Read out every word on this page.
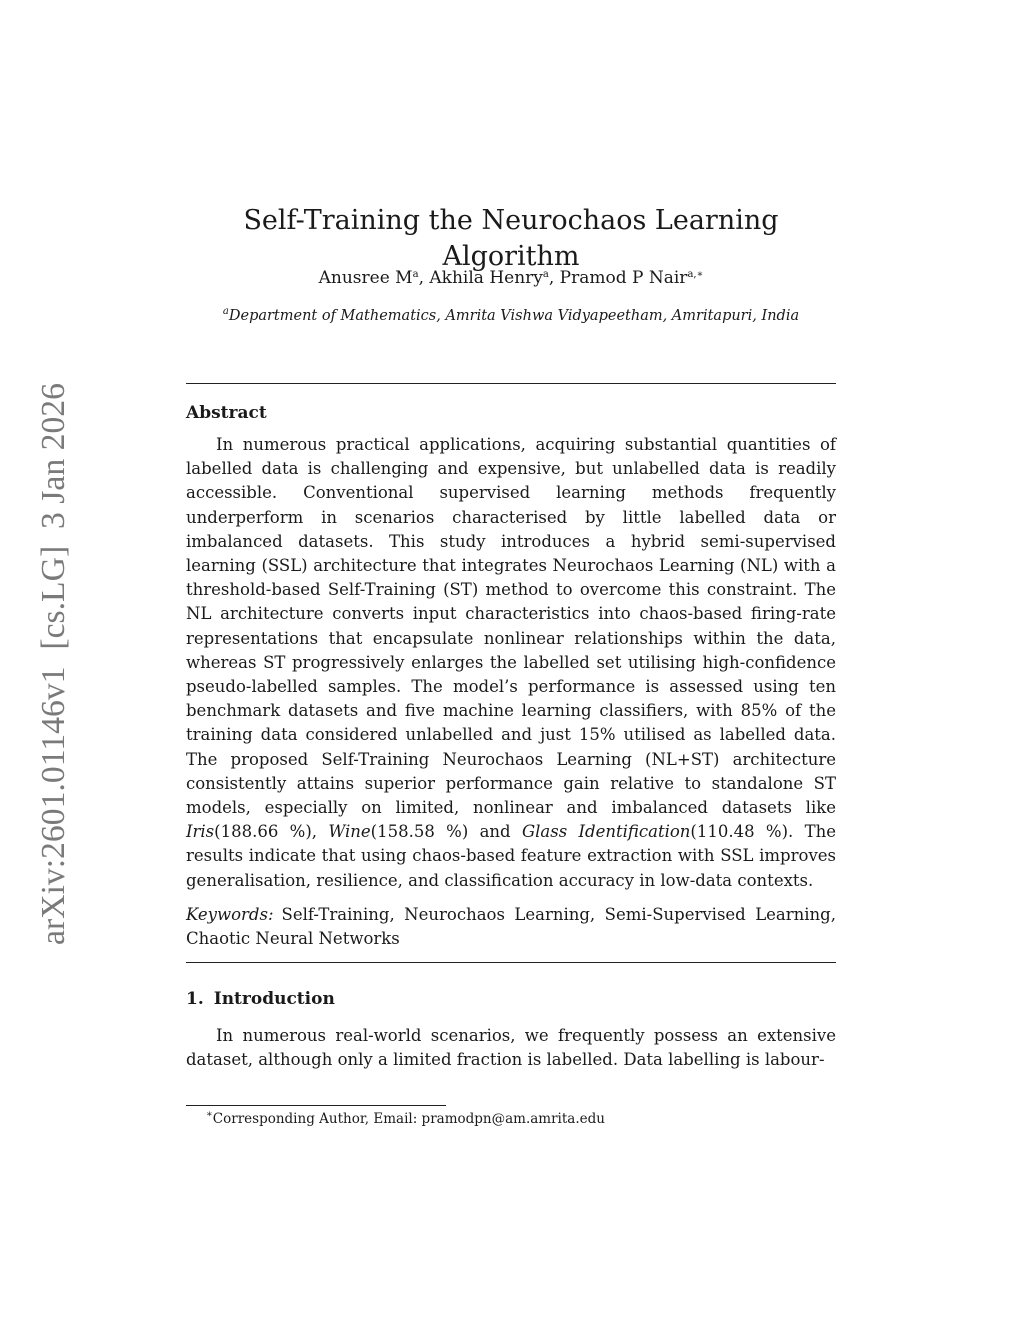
arXiv:2601.01146v1  [cs.LG]  3 Jan 2026
Self-Training the Neurochaos Learning Algorithm
Anusree $M^a$, Akhila Henry$^a$, Pramod P Nair$^{a,∗}$
$^a$Department of Mathematics, Amrita Vishwa Vidyapeetham, Amritapuri, India
Abstract

In numerous practical applications, acquiring substantial quantities of labelled data is challenging and expensive, but unlabelled data is readily accessible. Conventional supervised learning methods frequently underperform in scenarios characterised by little labelled data or imbalanced datasets. This study introduces a hybrid semi-supervised learning (SSL) architecture that integrates Neurochaos Learning (NL) with a threshold-based Self-Training (ST) method to overcome this constraint. The NL architecture converts input characteristics into chaos-based firing-rate representations that encapsulate nonlinear relationships within the data, whereas ST progressively enlarges the labelled set utilising high-confidence pseudo-labelled samples. The model’s performance is assessed using ten benchmark datasets and five machine learning classifiers, with 85% of the training data considered unlabelled and just 15% utilised as labelled data. The proposed Self-Training Neurochaos Learning (NL+ST) architecture consistently attains superior performance gain relative to standalone ST models, especially on limited, nonlinear and imbalanced datasets like Iris(188.66 %), Wine(158.58 %) and Glass Identification(110.48 %). The results indicate that using chaos-based feature extraction with SSL improves generalisation, resilience, and classification accuracy in low-data contexts.

Keywords: Self-Training, Neurochaos Learning, Semi-Supervised Learning, Chaotic Neural Networks

1. Introduction

In numerous real-world scenarios, we frequently possess an extensive dataset, although only a limited fraction is labelled. Data labelling is labour-

∗Corresponding Author, Email: pramodpn@am.amrita.edu
